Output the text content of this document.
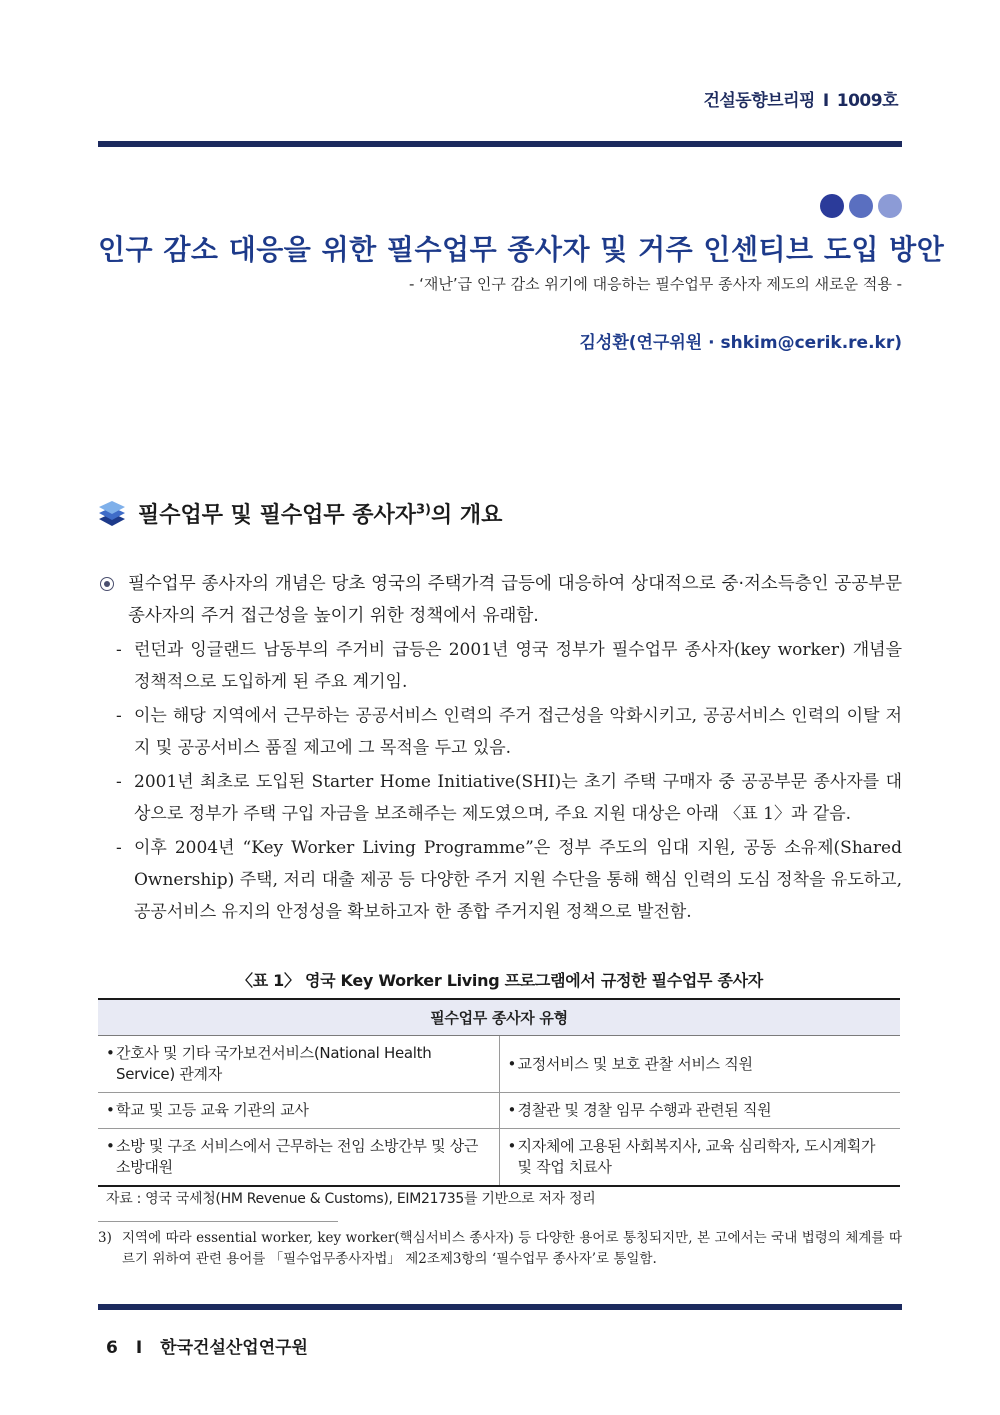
건설동향브리핑 I 1009호
인구 감소 대응을 위한 필수업무 종사자 및 거주 인센티브 도입 방안
- ‘재난’급 인구 감소 위기에 대응하는 필수업무 종사자 제도의 새로운 적용 -
김성환(연구위원 · shkim@cerik.re.kr)
필수업무 및 필수업무 종사자$^{3)}$의 개요
필수업무 종사자의 개념은 당초 영국의 주택가격 급등에 대응하여 상대적으로 중·저소득층인 공공부문 종사자의 주거 접근성을 높이기 위한 정책에서 유래함.
- 런던과 잉글랜드 남동부의 주거비 급등은 2001년 영국 정부가 필수업무 종사자(key worker) 개념을 정책적으로 도입하게 된 주요 계기임.
- 이는 해당 지역에서 근무하는 공공서비스 인력의 주거 접근성을 악화시키고, 공공서비스 인력의 이탈 저지 및 공공서비스 품질 제고에 그 목적을 두고 있음.
- 2001년 최초로 도입된 Starter Home Initiative(SHI)는 초기 주택 구매자 중 공공부문 종사자를 대상으로 정부가 주택 구입 자금을 보조해주는 제도였으며, 주요 지원 대상은 아래 〈표 1〉과 같음.
- 이후 2004년 “Key Worker Living Programme”은 정부 주도의 임대 지원, 공동 소유제(Shared Ownership) 주택, 저리 대출 제공 등 다양한 주거 지원 수단을 통해 핵심 인력의 도심 정착을 유도하고, 공공서비스 유지의 안정성을 확보하고자 한 종합 주거지원 정책으로 발전함.
〈표 1〉 영국 Key Worker Living 프로그램에서 규정한 필수업무 종사자
필수업무 종사자 유형	

• 간호사 및 기타 국가보건서비스(National Health Service) 관계자	• 교정서비스 및 보호 관찰 서비스 직원

• 학교 및 고등 교육 기관의 교사	• 경찰관 및 경찰 임무 수행과 관련된 직원

• 소방 및 구조 서비스에서 근무하는 전임 소방간부 및 상근 소방대원	• 지자체에 고용된 사회복지사, 교육 심리학자, 도시계획가 및 작업 치료사
자료 : 영국 국세청(HM Revenue & Customs), EIM21735를 기반으로 저자 정리
3) 지역에 따라 essential worker, key worker(핵심서비스 종사자) 등 다양한 용어로 통칭되지만, 본 고에서는 국내 법령의 체계를 따르기 위하여 관련 용어를 「필수업무종사자법」 제2조제3항의 ‘필수업무 종사자’로 통일함.
6 I 한국건설산업연구원
